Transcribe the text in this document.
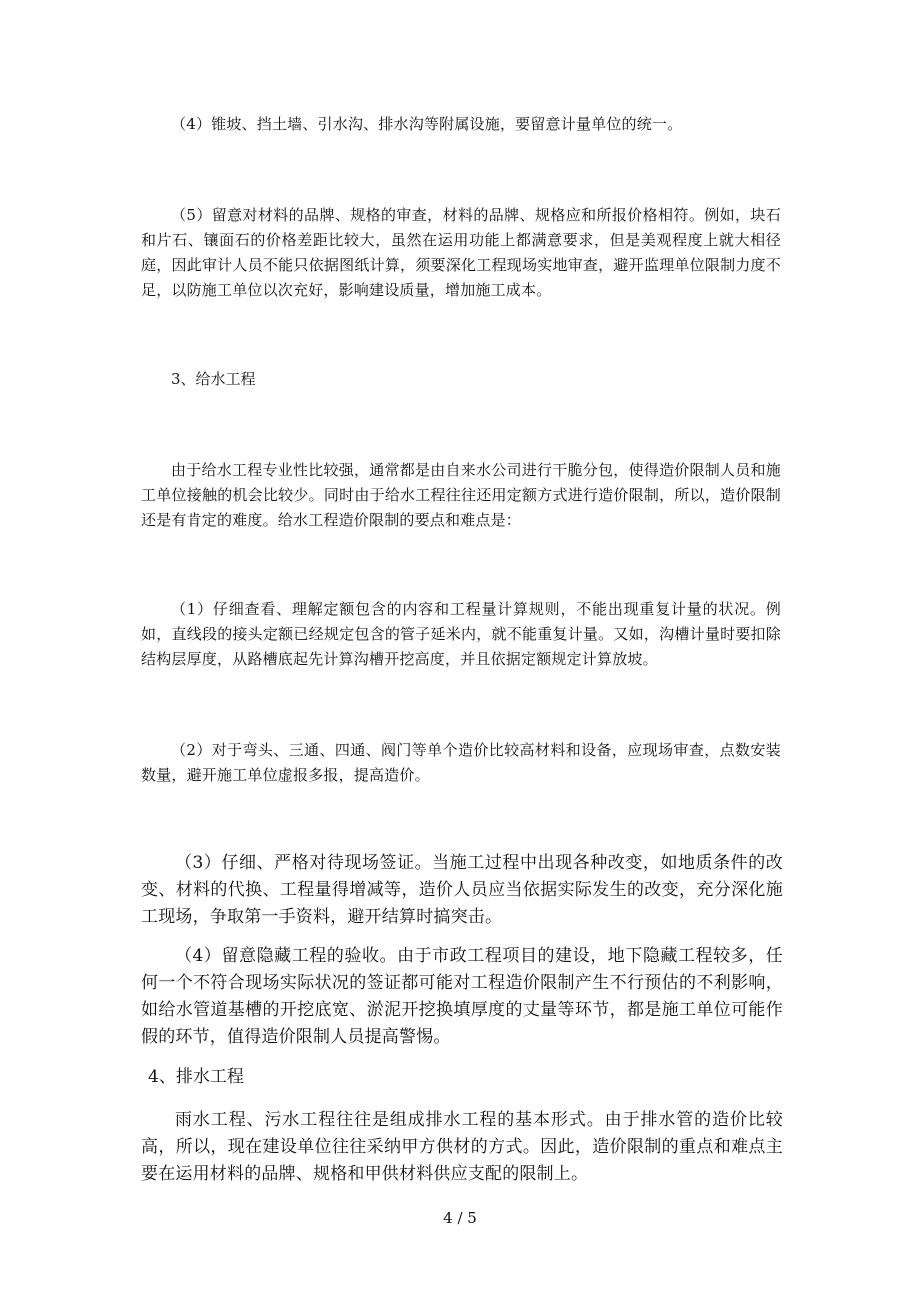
（4）锥坡、挡土墙、引水沟、排水沟等附属设施，要留意计量单位的统一。

（5）留意对材料的品牌、规格的审查，材料的品牌、规格应和所报价格相符。例如，块石和片石、镶面石的价格差距比较大，虽然在运用功能上都满意要求，但是美观程度上就大相径庭，因此审计人员不能只依据图纸计算，须要深化工程现场实地审查，避开监理单位限制力度不足，以防施工单位以次充好，影响建设质量，增加施工成本。

3、给水工程

由于给水工程专业性比较强，通常都是由自来水公司进行干脆分包，使得造价限制人员和施工单位接触的机会比较少。同时由于给水工程往往还用定额方式进行造价限制，所以，造价限制还是有肯定的难度。给水工程造价限制的要点和难点是：

（1）仔细查看、理解定额包含的内容和工程量计算规则，不能出现重复计量的状况。例如，直线段的接头定额已经规定包含的管子延米内，就不能重复计量。又如，沟槽计量时要扣除结构层厚度，从路槽底起先计算沟槽开挖高度，并且依据定额规定计算放坡。

（2）对于弯头、三通、四通、阀门等单个造价比较高材料和设备，应现场审查，点数安装数量，避开施工单位虚报多报，提高造价。

（3）仔细、严格对待现场签证。当施工过程中出现各种改变，如地质条件的改变、材料的代换、工程量得增减等，造价人员应当依据实际发生的改变，充分深化施工现场，争取第一手资料，避开结算时搞突击。

（4）留意隐藏工程的验收。由于市政工程项目的建设，地下隐藏工程较多，任何一个不符合现场实际状况的签证都可能对工程造价限制产生不行预估的不利影响，如给水管道基槽的开挖底宽、淤泥开挖换填厚度的丈量等环节，都是施工单位可能作假的环节，值得造价限制人员提高警惕。

4、排水工程

雨水工程、污水工程往往是组成排水工程的基本形式。由于排水管的造价比较高，所以，现在建设单位往往采纳甲方供材的方式。因此，造价限制的重点和难点主要在运用材料的品牌、规格和甲供材料供应支配的限制上。

4 / 5
